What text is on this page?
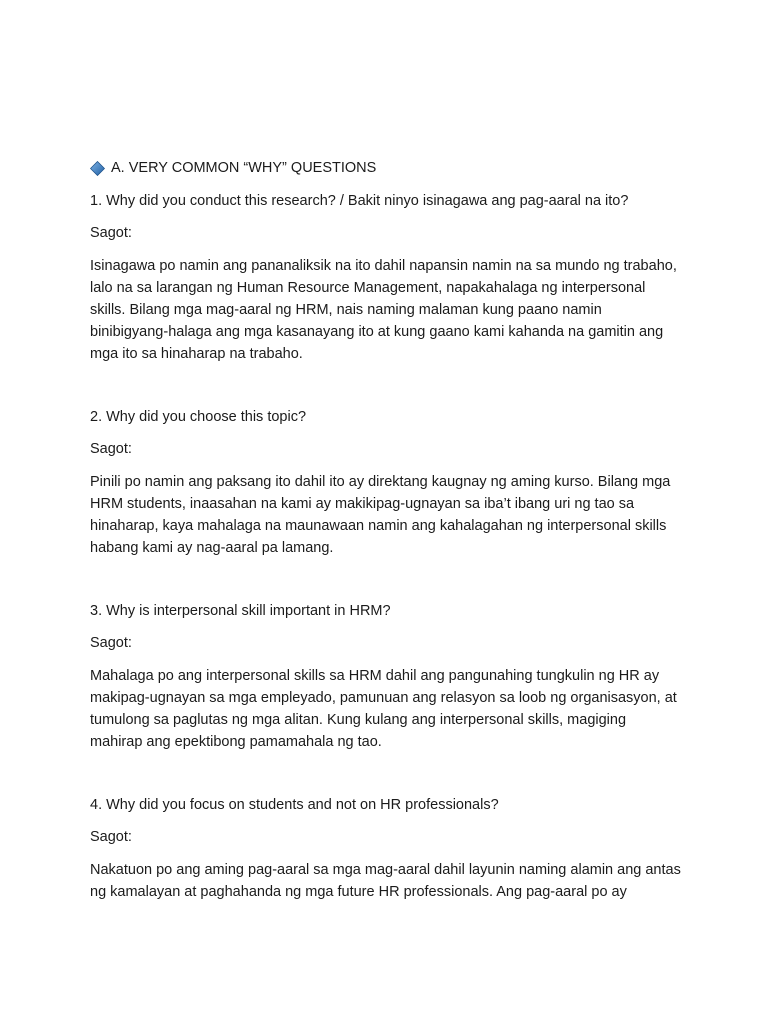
A. VERY COMMON “WHY” QUESTIONS
1. Why did you conduct this research? / Bakit ninyo isinagawa ang pag-aaral na ito?
Sagot:
Isinagawa po namin ang pananaliksik na ito dahil napansin namin na sa mundo ng trabaho,
lalo na sa larangan ng Human Resource Management, napakahalaga ng interpersonal
skills. Bilang mga mag-aaral ng HRM, nais naming malaman kung paano namin
binibigyang-halaga ang mga kasanayang ito at kung gaano kami kahanda na gamitin ang
mga ito sa hinaharap na trabaho.
2. Why did you choose this topic?
Sagot:
Pinili po namin ang paksang ito dahil ito ay direktang kaugnay ng aming kurso. Bilang mga
HRM students, inaasahan na kami ay makikipag-ugnayan sa iba’t ibang uri ng tao sa
hinaharap, kaya mahalaga na maunawaan namin ang kahalagahan ng interpersonal skills
habang kami ay nag-aaral pa lamang.
3. Why is interpersonal skill important in HRM?
Sagot:
Mahalaga po ang interpersonal skills sa HRM dahil ang pangunahing tungkulin ng HR ay
makipag-ugnayan sa mga empleyado, pamunuan ang relasyon sa loob ng organisasyon, at
tumulong sa paglutas ng mga alitan. Kung kulang ang interpersonal skills, magiging
mahirap ang epektibong pamamahala ng tao.
4. Why did you focus on students and not on HR professionals?
Sagot:
Nakatuon po ang aming pag-aaral sa mga mag-aaral dahil layunin naming alamin ang antas
ng kamalayan at paghahanda ng mga future HR professionals. Ang pag-aaral po ay
